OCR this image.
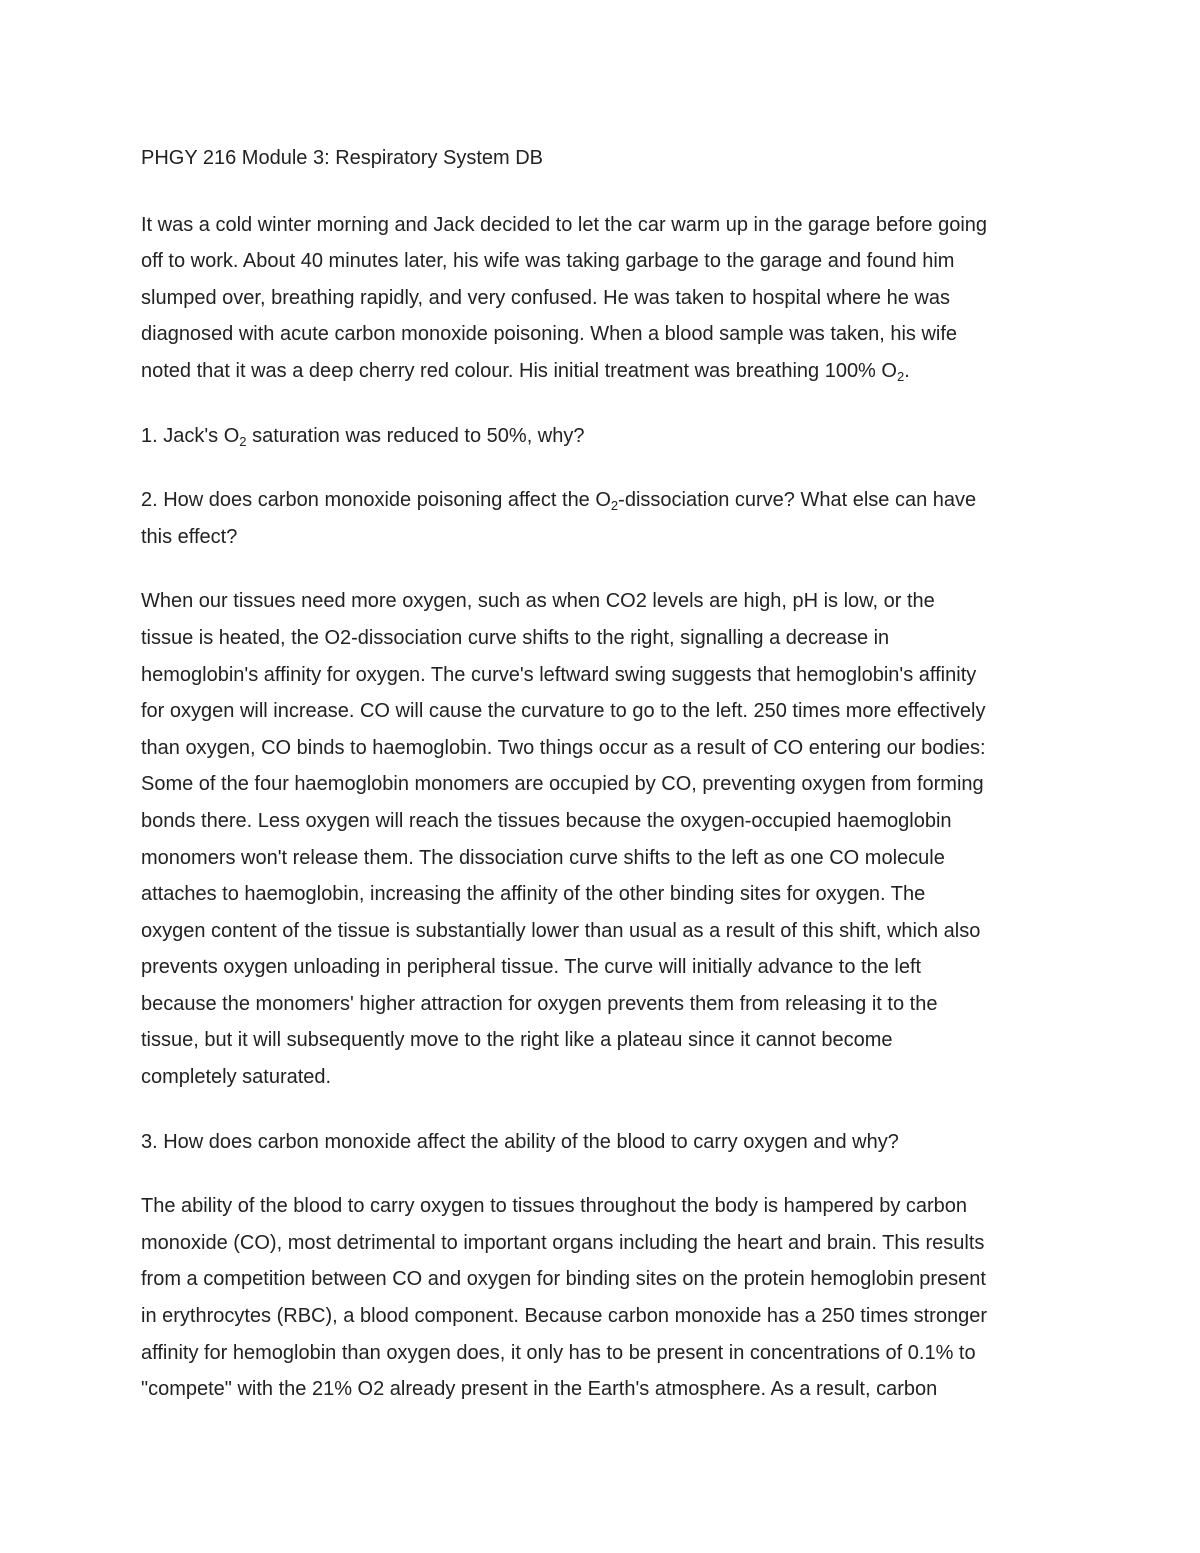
PHGY 216 Module 3: Respiratory System DB

It was a cold winter morning and Jack decided to let the car warm up in the garage before going
off to work. About 40 minutes later, his wife was taking garbage to the garage and found him
slumped over, breathing rapidly, and very confused. He was taken to hospital where he was
diagnosed with acute carbon monoxide poisoning. When a blood sample was taken, his wife
noted that it was a deep cherry red colour. His initial treatment was breathing 100% $O_2$.

1. Jack's $O_2$ saturation was reduced to 50%, why?

2. How does carbon monoxide poisoning affect the $O_2$-dissociation curve? What else can have
this effect?

When our tissues need more oxygen, such as when CO2 levels are high, pH is low, or the
tissue is heated, the O2-dissociation curve shifts to the right, signalling a decrease in
hemoglobin's affinity for oxygen. The curve's leftward swing suggests that hemoglobin's affinity
for oxygen will increase. CO will cause the curvature to go to the left. 250 times more effectively
than oxygen, CO binds to haemoglobin. Two things occur as a result of CO entering our bodies:
Some of the four haemoglobin monomers are occupied by CO, preventing oxygen from forming
bonds there. Less oxygen will reach the tissues because the oxygen-occupied haemoglobin
monomers won't release them. The dissociation curve shifts to the left as one CO molecule
attaches to haemoglobin, increasing the affinity of the other binding sites for oxygen. The
oxygen content of the tissue is substantially lower than usual as a result of this shift, which also
prevents oxygen unloading in peripheral tissue. The curve will initially advance to the left
because the monomers' higher attraction for oxygen prevents them from releasing it to the
tissue, but it will subsequently move to the right like a plateau since it cannot become
completely saturated.

3. How does carbon monoxide affect the ability of the blood to carry oxygen and why?

The ability of the blood to carry oxygen to tissues throughout the body is hampered by carbon
monoxide (CO), most detrimental to important organs including the heart and brain. This results
from a competition between CO and oxygen for binding sites on the protein hemoglobin present
in erythrocytes (RBC), a blood component. Because carbon monoxide has a 250 times stronger
affinity for hemoglobin than oxygen does, it only has to be present in concentrations of 0.1% to
"compete" with the 21% O2 already present in the Earth's atmosphere. As a result, carbon
